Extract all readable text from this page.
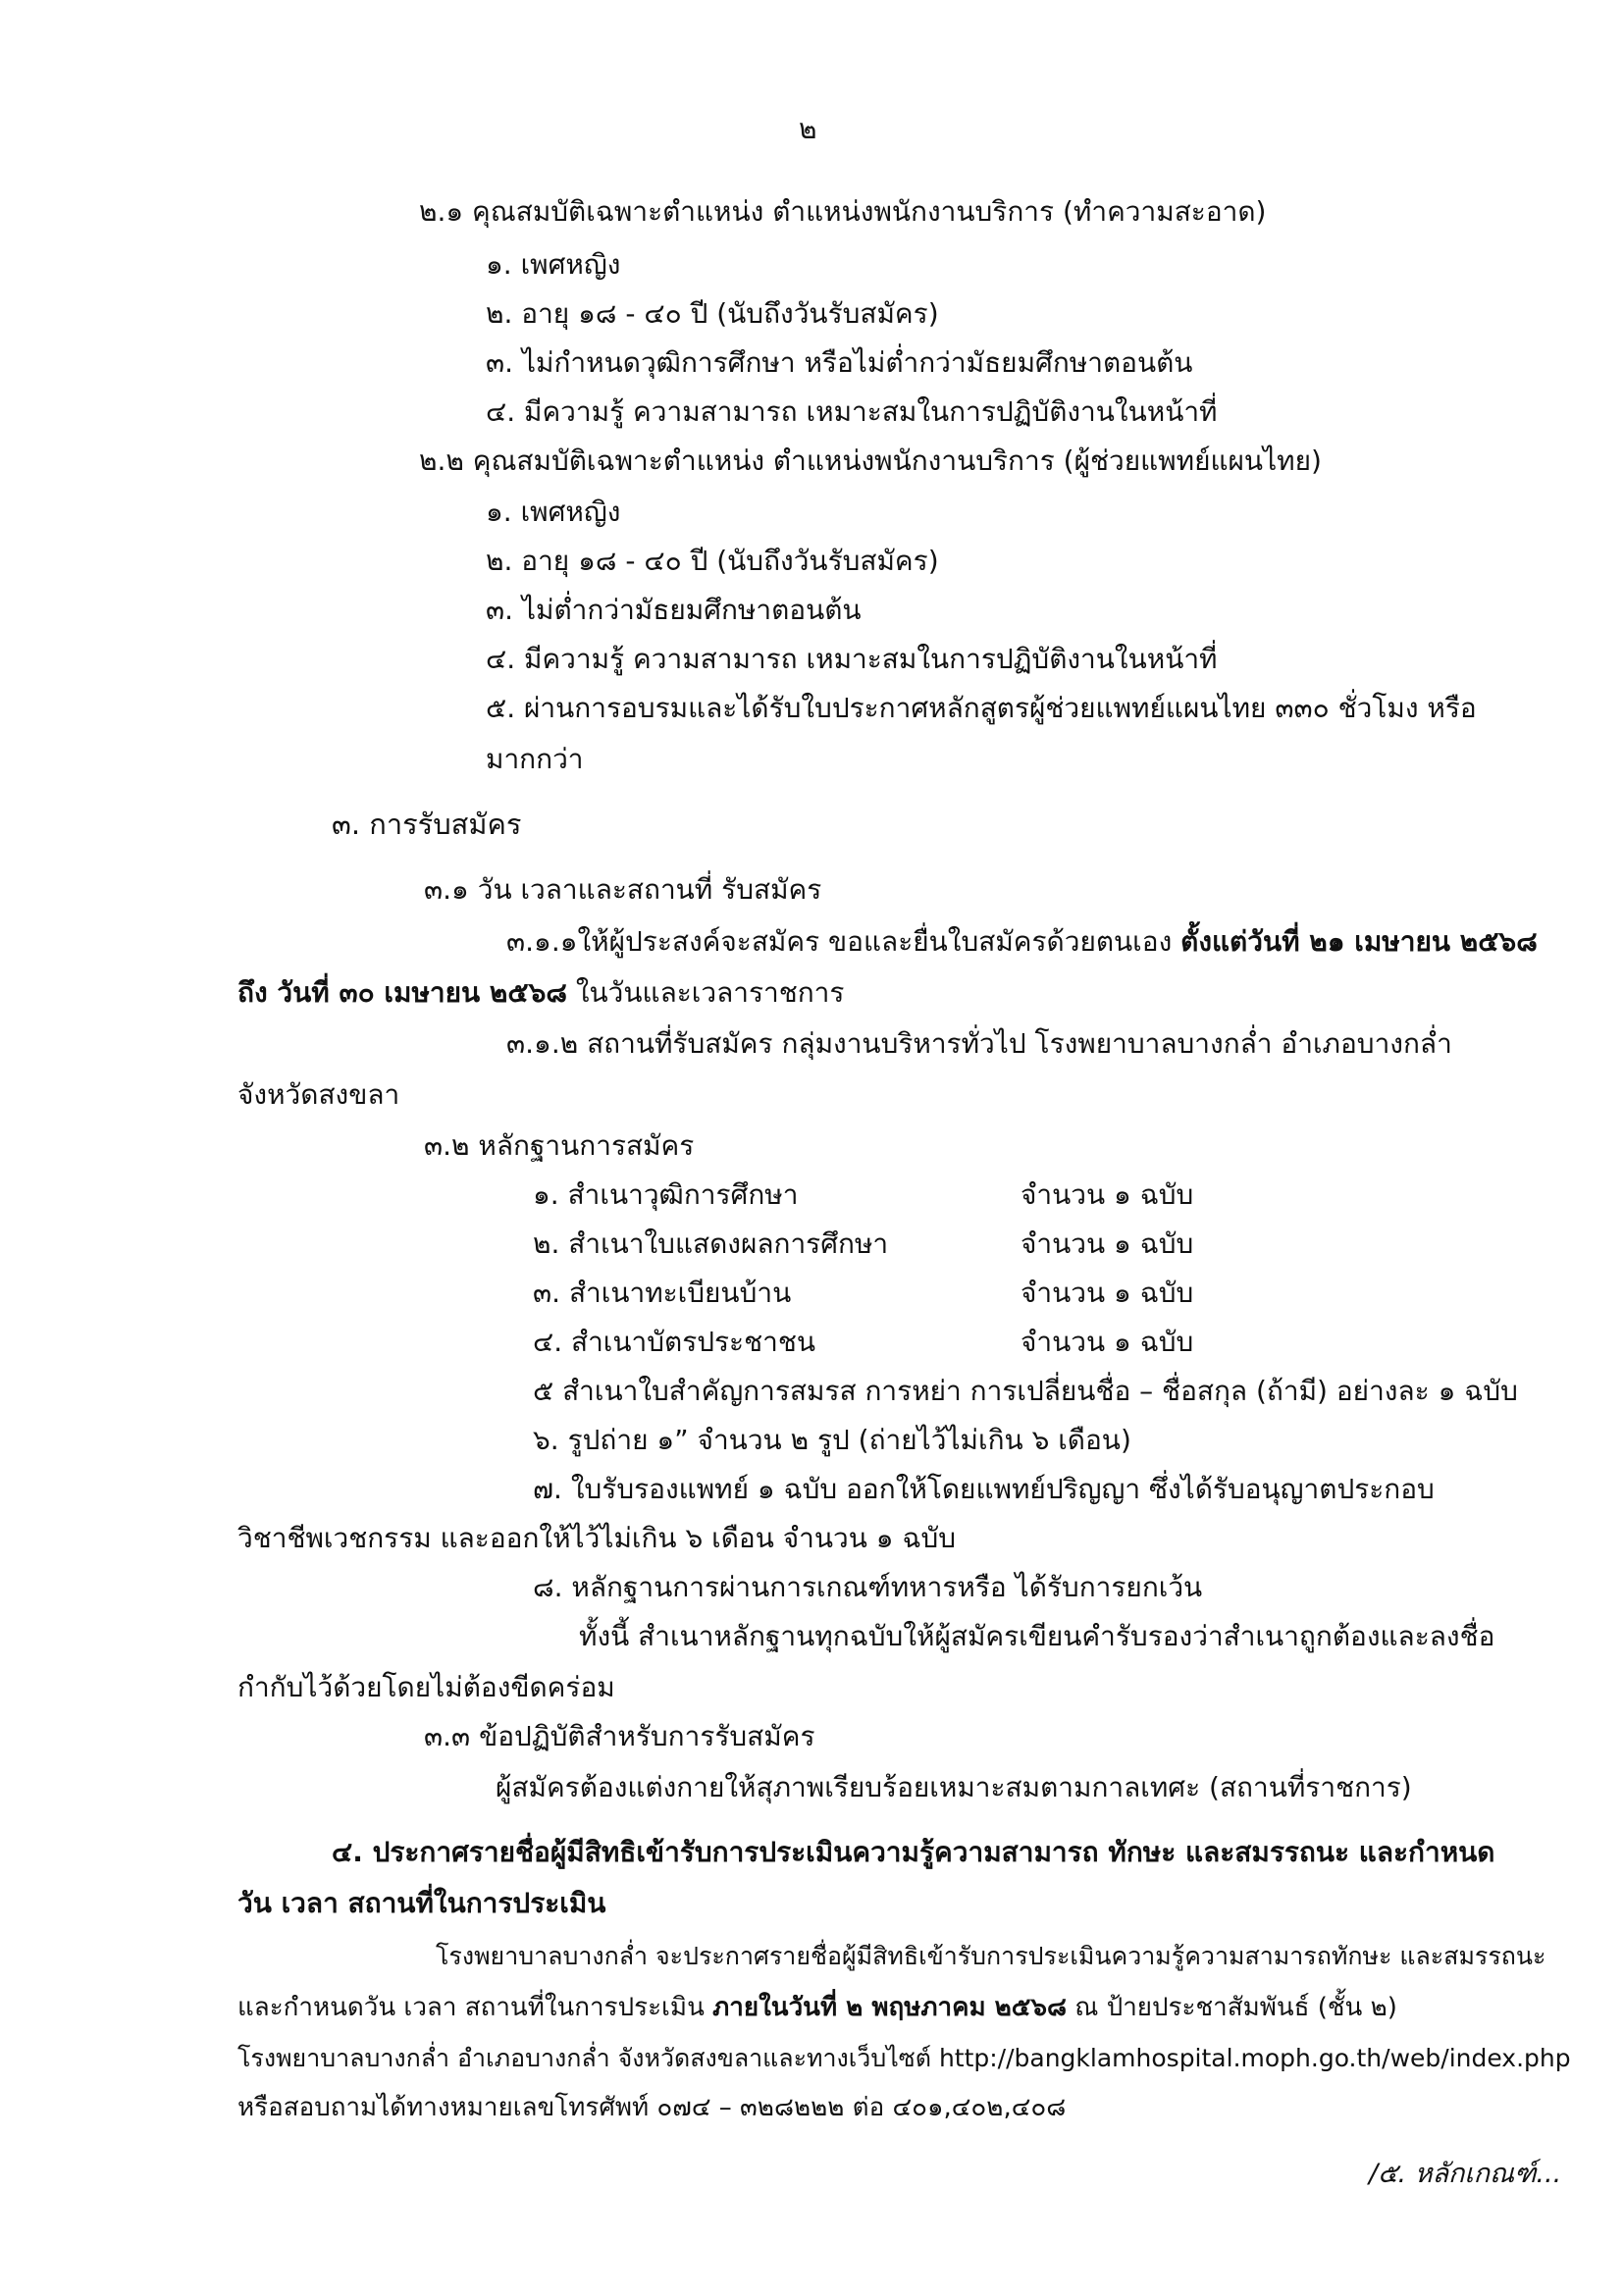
๒

๒.๑ คุณสมบัติเฉพาะตำแหน่ง ตำแหน่งพนักงานบริการ (ทำความสะอาด)

๑. เพศหญิง

๒. อายุ ๑๘ - ๔๐ ปี (นับถึงวันรับสมัคร)

๓. ไม่กำหนดวุฒิการศึกษา หรือไม่ต่ำกว่ามัธยมศึกษาตอนต้น

๔. มีความรู้ ความสามารถ เหมาะสมในการปฏิบัติงานในหน้าที่

๒.๒ คุณสมบัติเฉพาะตำแหน่ง ตำแหน่งพนักงานบริการ (ผู้ช่วยแพทย์แผนไทย)

๑. เพศหญิง

๒. อายุ ๑๘ - ๔๐ ปี (นับถึงวันรับสมัคร)

๓. ไม่ต่ำกว่ามัธยมศึกษาตอนต้น

๔. มีความรู้ ความสามารถ เหมาะสมในการปฏิบัติงานในหน้าที่

๕. ผ่านการอบรมและได้รับใบประกาศหลักสูตรผู้ช่วยแพทย์แผนไทย ๓๓๐ ชั่วโมง หรือ

มากกว่า

๓. การรับสมัคร

๓.๑ วัน เวลาและสถานที่ รับสมัคร

๓.๑.๑ให้ผู้ประสงค์จะสมัคร ขอและยื่นใบสมัครด้วยตนเอง ตั้งแต่วันที่ ๒๑ เมษายน ๒๕๖๘

ถึง วันที่ ๓๐ เมษายน ๒๕๖๘ ในวันและเวลาราชการ

๓.๑.๒ สถานที่รับสมัคร กลุ่มงานบริหารทั่วไป โรงพยาบาลบางกล่ำ อำเภอบางกล่ำ

จังหวัดสงขลา

๓.๒ หลักฐานการสมัคร

๑. สำเนาวุฒิการศึกษา	จำนวน ๑ ฉบับ

๒. สำเนาใบแสดงผลการศึกษา	จำนวน ๑ ฉบับ

๓. สำเนาทะเบียนบ้าน	จำนวน ๑ ฉบับ

๔. สำเนาบัตรประชาชน	จำนวน ๑ ฉบับ

๕ สำเนาใบสำคัญการสมรส การหย่า การเปลี่ยนชื่อ – ชื่อสกุล (ถ้ามี) อย่างละ ๑ ฉบับ

๖. รูปถ่าย ๑” จำนวน ๒ รูป (ถ่ายไว้ไม่เกิน ๖ เดือน)

๗. ใบรับรองแพทย์ ๑ ฉบับ ออกให้โดยแพทย์ปริญญา ซึ่งได้รับอนุญาตประกอบ

วิชาชีพเวชกรรม และออกให้ไว้ไม่เกิน ๖ เดือน จำนวน ๑ ฉบับ

๘. หลักฐานการผ่านการเกณฑ์ทหารหรือ ได้รับการยกเว้น

ทั้งนี้ สำเนาหลักฐานทุกฉบับให้ผู้สมัครเขียนคำรับรองว่าสำเนาถูกต้องและลงชื่อ

กำกับไว้ด้วยโดยไม่ต้องขีดคร่อม

๓.๓ ข้อปฏิบัติสำหรับการรับสมัคร

ผู้สมัครต้องแต่งกายให้สุภาพเรียบร้อยเหมาะสมตามกาลเทศะ (สถานที่ราชการ)

๔. ประกาศรายชื่อผู้มีสิทธิเข้ารับการประเมินความรู้ความสามารถ ทักษะ และสมรรถนะ และกำหนด

วัน เวลา สถานที่ในการประเมิน

โรงพยาบาลบางกล่ำ จะประกาศรายชื่อผู้มีสิทธิเข้ารับการประเมินความรู้ความสามารถทักษะ และสมรรถนะ

และกำหนดวัน เวลา สถานที่ในการประเมิน ภายในวันที่ ๒ พฤษภาคม ๒๕๖๘ ณ ป้ายประชาสัมพันธ์ (ชั้น ๒)

โรงพยาบาลบางกล่ำ อำเภอบางกล่ำ จังหวัดสงขลาและทางเว็บไซต์ http://bangklamhospital.moph.go.th/web/index.php

หรือสอบถามได้ทางหมายเลขโทรศัพท์ ๐๗๔ – ๓๒๘๒๒๒ ต่อ ๔๐๑,๔๐๒,๔๐๘

/๕. หลักเกณฑ์...
